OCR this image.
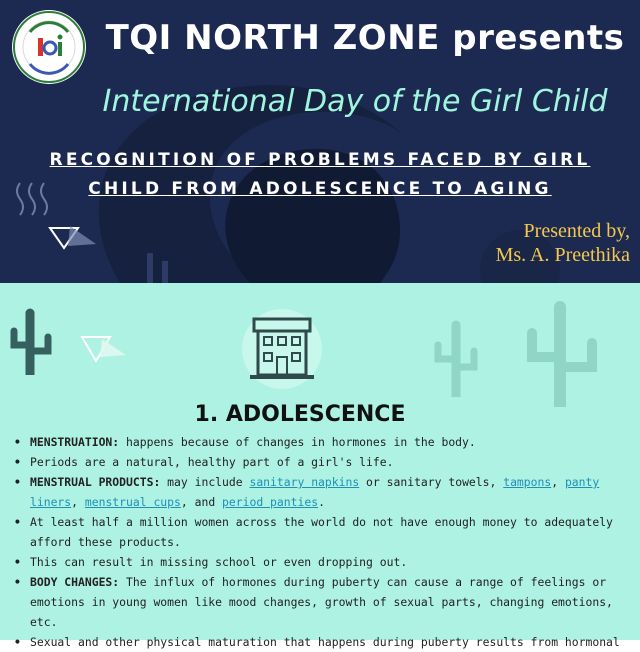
TQI NORTH ZONE presents
International Day of the Girl Child
RECOGNITION OF PROBLEMS FACED BY GIRL
CHILD FROM ADOLESCENCE TO AGING
Presented by,
Ms. A. Preethika
1. ADOLESCENCE
• MENSTRUATION: happens because of changes in hormones in the body.
• Periods are a natural, healthy part of a girl's life.
• MENSTRUAL PRODUCTS: may include sanitary napkins or sanitary towels, tampons, panty liners, menstrual cups, and period panties.
• At least half a million women across the world do not have enough money to adequately afford these products.
• This can result in missing school or even dropping out.
• BODY CHANGES: The influx of hormones during puberty can cause a range of feelings or emotions in young women like mood changes, growth of sexual parts, changing emotions, etc.
• Sexual and other physical maturation that happens during puberty results from hormonal
